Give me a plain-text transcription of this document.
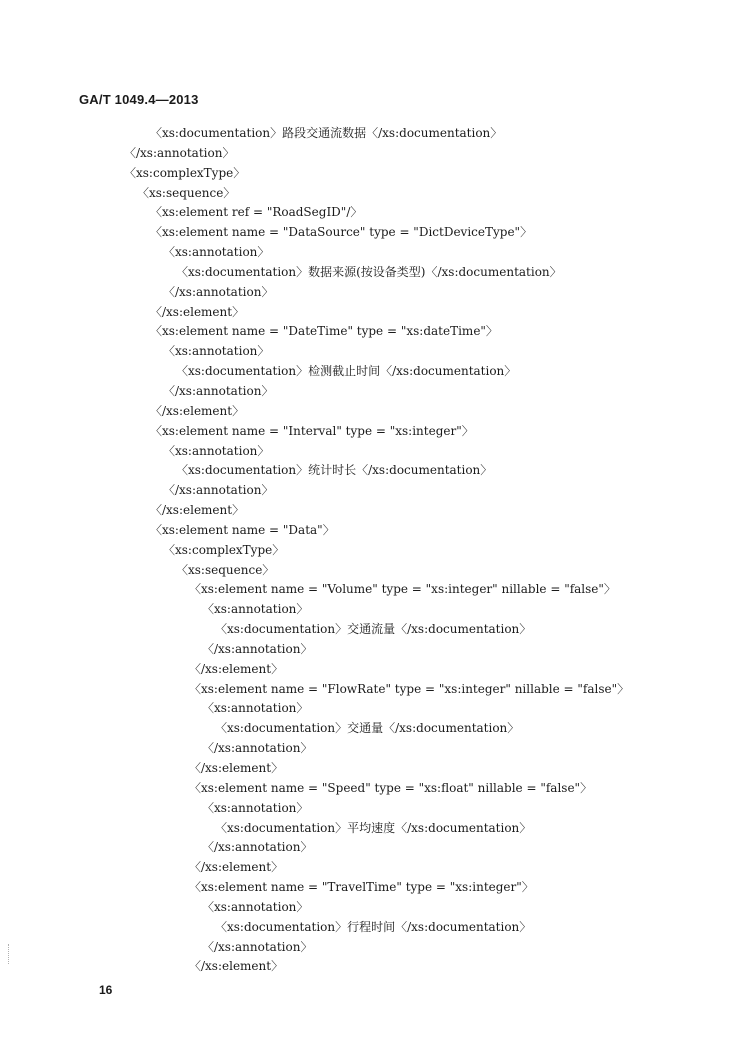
GA/T 1049.4—2013
〈xs:documentation〉路段交通流数据〈/xs:documentation〉
〈/xs:annotation〉
〈xs:complexType〉
〈xs:sequence〉
〈xs:element ref = "RoadSegID"/〉
〈xs:element name = "DataSource" type = "DictDeviceType"〉
〈xs:annotation〉
〈xs:documentation〉数据来源(按设备类型)〈/xs:documentation〉
〈/xs:annotation〉
〈/xs:element〉
〈xs:element name = "DateTime" type = "xs:dateTime"〉
〈xs:annotation〉
〈xs:documentation〉检测截止时间〈/xs:documentation〉
〈/xs:annotation〉
〈/xs:element〉
〈xs:element name = "Interval" type = "xs:integer"〉
〈xs:annotation〉
〈xs:documentation〉统计时长〈/xs:documentation〉
〈/xs:annotation〉
〈/xs:element〉
〈xs:element name = "Data"〉
〈xs:complexType〉
〈xs:sequence〉
〈xs:element name = "Volume" type = "xs:integer" nillable = "false"〉
〈xs:annotation〉
〈xs:documentation〉交通流量〈/xs:documentation〉
〈/xs:annotation〉
〈/xs:element〉
〈xs:element name = "FlowRate" type = "xs:integer" nillable = "false"〉
〈xs:annotation〉
〈xs:documentation〉交通量〈/xs:documentation〉
〈/xs:annotation〉
〈/xs:element〉
〈xs:element name = "Speed" type = "xs:float" nillable = "false"〉
〈xs:annotation〉
〈xs:documentation〉平均速度〈/xs:documentation〉
〈/xs:annotation〉
〈/xs:element〉
〈xs:element name = "TravelTime" type = "xs:integer"〉
〈xs:annotation〉
〈xs:documentation〉行程时间〈/xs:documentation〉
〈/xs:annotation〉
〈/xs:element〉
16
